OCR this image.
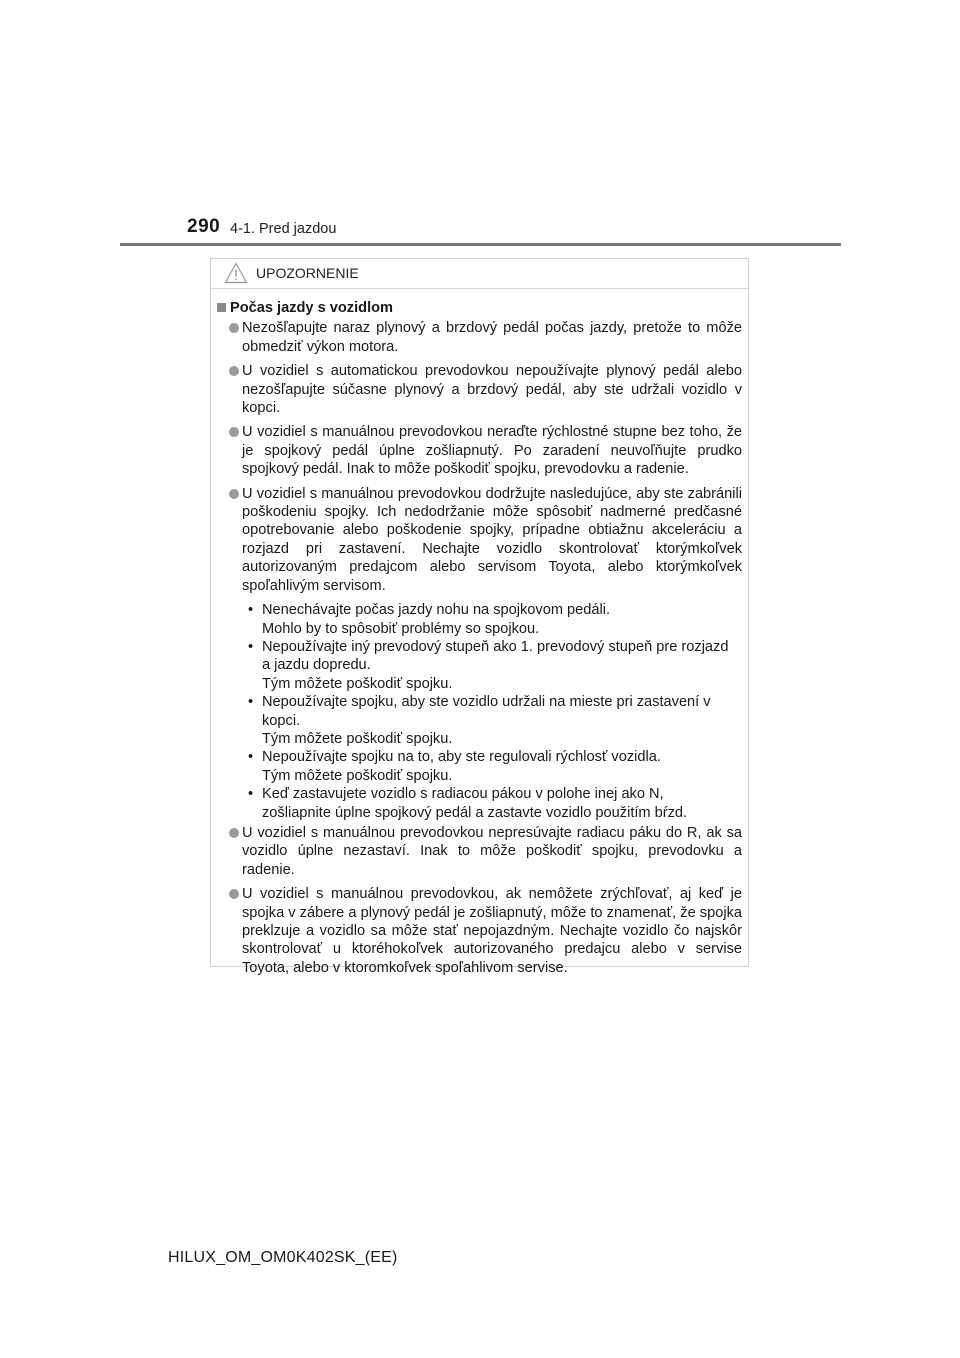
290 4-1. Pred jazdou
UPOZORNENIE
Počas jazdy s vozidlom
Nezošľapujte naraz plynový a brzdový pedál počas jazdy, pretože to môže obmedziť výkon motora.
U vozidiel s automatickou prevodovkou nepoužívajte plynový pedál alebo nezošľapujte súčasne plynový a brzdový pedál, aby ste udržali vozidlo v kopci.
U vozidiel s manuálnou prevodovkou neraďte rýchlostné stupne bez toho, že je spojkový pedál úplne zošliapnutý. Po zaradení neuvoľňujte prudko spojkový pedál. Inak to môže poškodiť spojku, prevodovku a radenie.
U vozidiel s manuálnou prevodovkou dodržujte nasledujúce, aby ste zabránili poškodeniu spojky. Ich nedodržanie môže spôsobiť nadmerné predčasné opotrebovanie alebo poškodenie spojky, prípadne obtiažnu akceleráciu a rozjazd pri zastavení. Nechajte vozidlo skontrolovať ktorýmkoľvek autorizovaným predajcom alebo servisom Toyota, alebo ktorýmkoľvek spoľahlivým servisom.
• Nenechávajte počas jazdy nohu na spojkovom pedáli.
Mohlo by to spôsobiť problémy so spojkou.
• Nepoužívajte iný prevodový stupeň ako 1. prevodový stupeň pre rozjazd a jazdu dopredu.
Tým môžete poškodiť spojku.
• Nepoužívajte spojku, aby ste vozidlo udržali na mieste pri zastavení v kopci.
Tým môžete poškodiť spojku.
• Nepoužívajte spojku na to, aby ste regulovali rýchlosť vozidla.
Tým môžete poškodiť spojku.
• Keď zastavujete vozidlo s radiacou pákou v polohe inej ako N, zošliapnite úplne spojkový pedál a zastavte vozidlo použitím bŕzd.
U vozidiel s manuálnou prevodovkou nepresúvajte radiacu páku do R, ak sa vozidlo úplne nezastaví. Inak to môže poškodiť spojku, prevodovku a radenie.
U vozidiel s manuálnou prevodovkou, ak nemôžete zrýchľovať, aj keď je spojka v zábere a plynový pedál je zošliapnutý, môže to znamenať, že spojka preklzuje a vozidlo sa môže stať nepojazdným. Nechajte vozidlo čo najskôr skontrolovať u ktoréhokoľvek autorizovaného predajcu alebo v servise Toyota, alebo v ktoromkoľvek spoľahlivom servise.
HILUX_OM_OM0K402SK_(EE)
